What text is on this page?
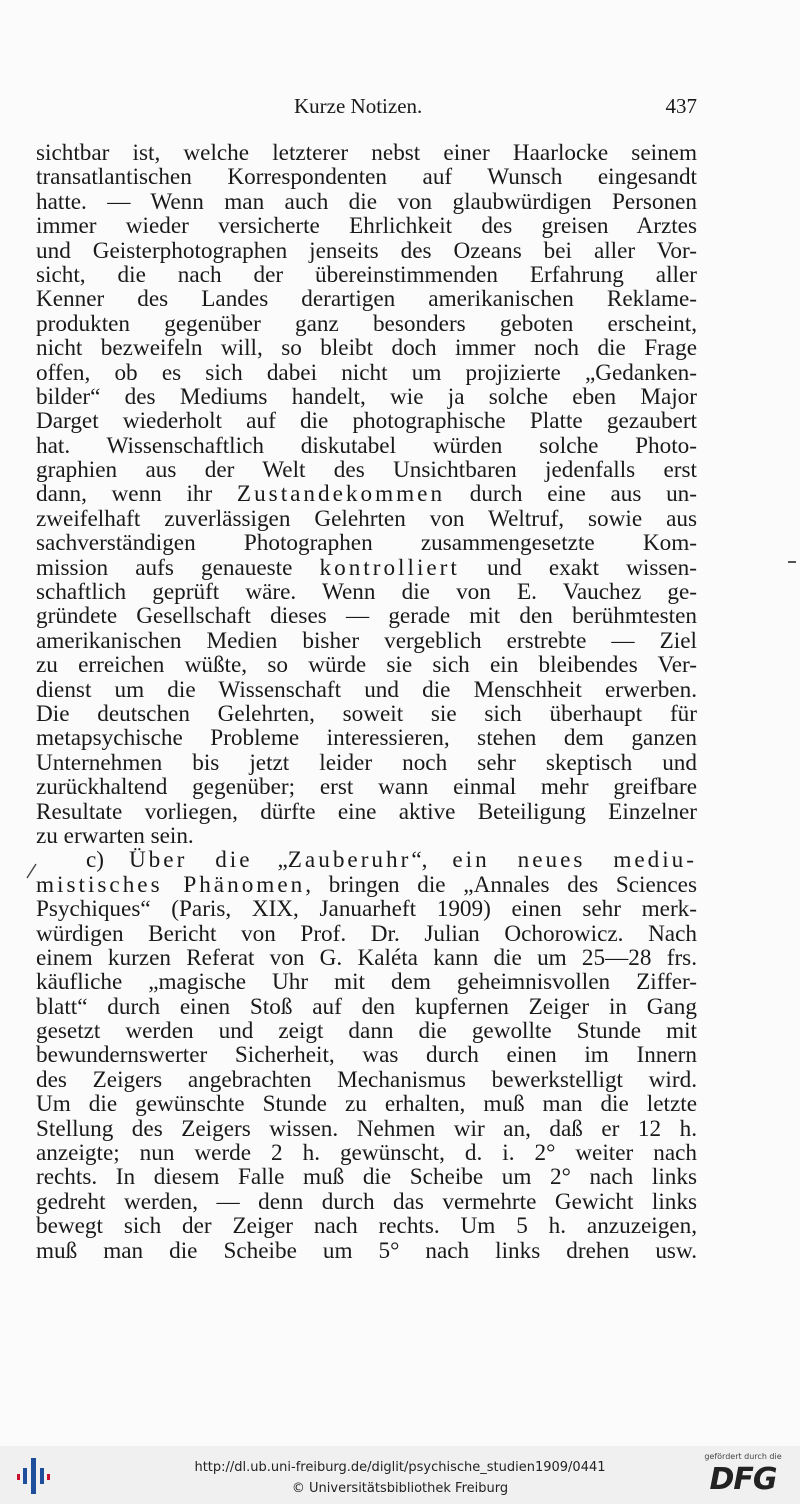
Kurze Notizen.	437
sichtbar ist, welche letzterer nebst einer Haarlocke seinem
transatlantischen Korrespondenten auf Wunsch eingesandt
hatte. — Wenn man auch die von glaubwürdigen Personen
immer wieder versicherte Ehrlichkeit des greisen Arztes
und Geisterphotographen jenseits des Ozeans bei aller Vor-
sicht, die nach der übereinstimmenden Erfahrung aller
Kenner des Landes derartigen amerikanischen Reklame-
produkten gegenüber ganz besonders geboten erscheint,
nicht bezweifeln will, so bleibt doch immer noch die Frage
offen, ob es sich dabei nicht um projizierte „Gedanken-
bilder“ des Mediums handelt, wie ja solche eben Major
Darget wiederholt auf die photographische Platte gezaubert
hat. Wissenschaftlich diskutabel würden solche Photo-
graphien aus der Welt des Unsichtbaren jedenfalls erst
dann, wenn ihr Zustandekommen durch eine aus un-
zweifelhaft zuverlässigen Gelehrten von Weltruf, sowie aus
sachverständigen Photographen zusammengesetzte Kom-
mission aufs genaueste kontrolliert und exakt wissen-
schaftlich geprüft wäre. Wenn die von E. Vauchez ge-
gründete Gesellschaft dieses — gerade mit den berühmtesten
amerikanischen Medien bisher vergeblich erstrebte — Ziel
zu erreichen wüßte, so würde sie sich ein bleibendes Ver-
dienst um die Wissenschaft und die Menschheit erwerben.
Die deutschen Gelehrten, soweit sie sich überhaupt für
metapsychische Probleme interessieren, stehen dem ganzen
Unternehmen bis jetzt leider noch sehr skeptisch und
zurückhaltend gegenüber; erst wann einmal mehr greifbare
Resultate vorliegen, dürfte eine aktive Beteiligung Einzelner
zu erwarten sein.
c) Über die „Zauberuhr“, ein neues mediu-
mistisches Phänomen, bringen die „Annales des Sciences
Psychiques“ (Paris, XIX, Januarheft 1909) einen sehr merk-
würdigen Bericht von Prof. Dr. Julian Ochorowicz. Nach
einem kurzen Referat von G. Kaléta kann die um 25—28 frs.
käufliche „magische Uhr mit dem geheimnisvollen Ziffer-
blatt“ durch einen Stoß auf den kupfernen Zeiger in Gang
gesetzt werden und zeigt dann die gewollte Stunde mit
bewundernswerter Sicherheit, was durch einen im Innern
des Zeigers angebrachten Mechanismus bewerkstelligt wird.
Um die gewünschte Stunde zu erhalten, muß man die letzte
Stellung des Zeigers wissen. Nehmen wir an, daß er 12 h.
anzeigte; nun werde 2 h. gewünscht, d. i. 2° weiter nach
rechts. In diesem Falle muß die Scheibe um 2° nach links
gedreht werden, — denn durch das vermehrte Gewicht links
bewegt sich der Zeiger nach rechts. Um 5 h. anzuzeigen,
muß man die Scheibe um 5° nach links drehen usw.
http://dl.ub.uni-freiburg.de/diglit/psychische_studien1909/0441
© Universitätsbibliothek Freiburg
gefördert durch die
DFG
